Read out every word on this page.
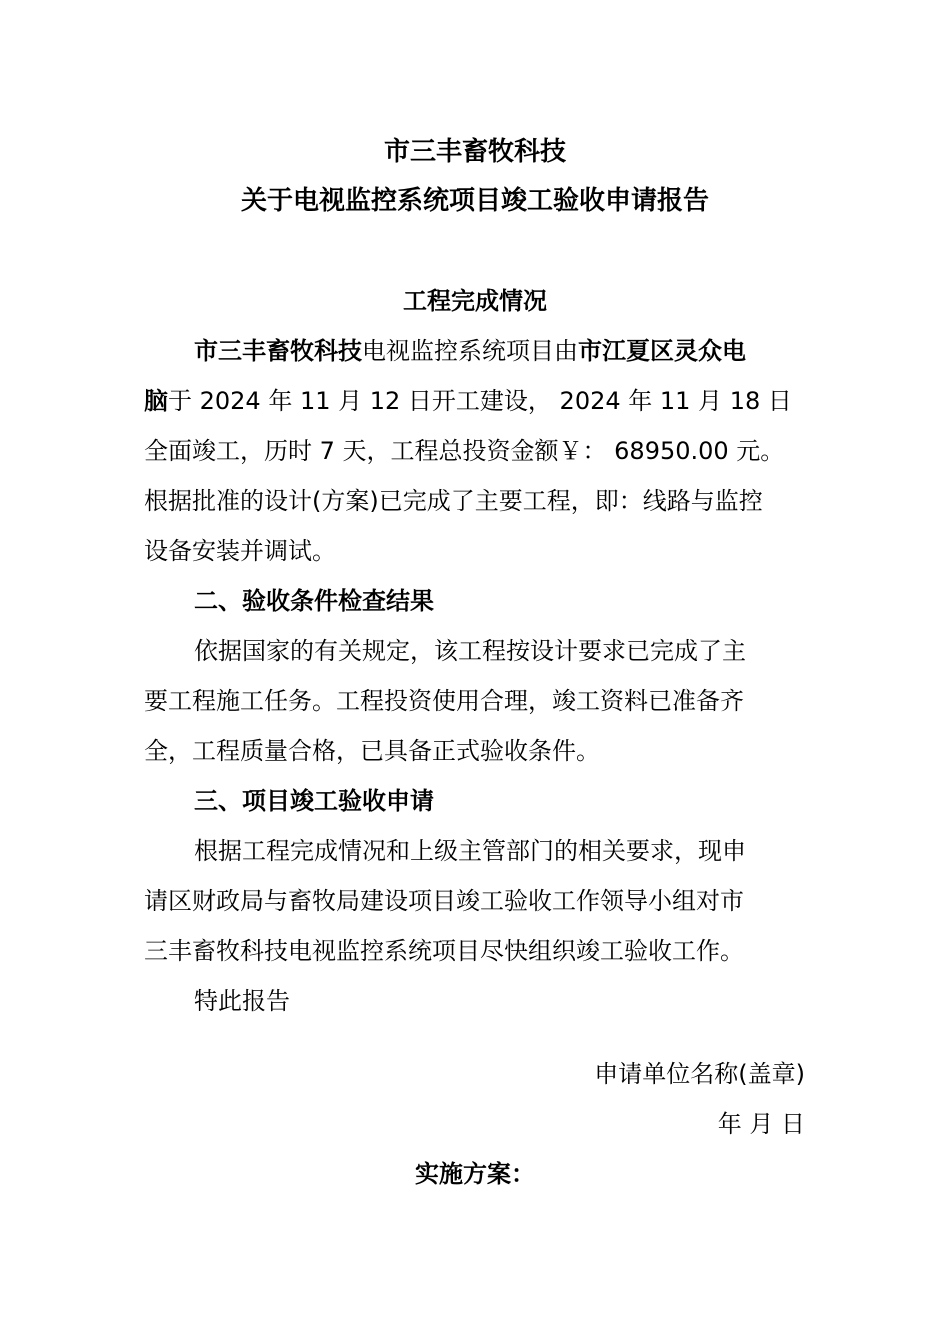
市三丰畜牧科技
关于电视监控系统项目竣工验收申请报告
工程完成情况
市三丰畜牧科技电视监控系统项目由市江夏区灵众电
脑于 2024 年 11 月 12 日开工建设， 2024 年 11 月 18 日
全面竣工，历时 7 天，工程总投资金额￥： 68950.00 元。
根据批准的设计(方案)已完成了主要工程，即：线路与监控
设备安装并调试。
二、验收条件检查结果
依据国家的有关规定，该工程按设计要求已完成了主
要工程施工任务。工程投资使用合理，竣工资料已准备齐
全，工程质量合格，已具备正式验收条件。
三、项目竣工验收申请
根据工程完成情况和上级主管部门的相关要求，现申
请区财政局与畜牧局建设项目竣工验收工作领导小组对市
三丰畜牧科技电视监控系统项目尽快组织竣工验收工作。
特此报告
申请单位名称(盖章)
年 月 日
实施方案：
